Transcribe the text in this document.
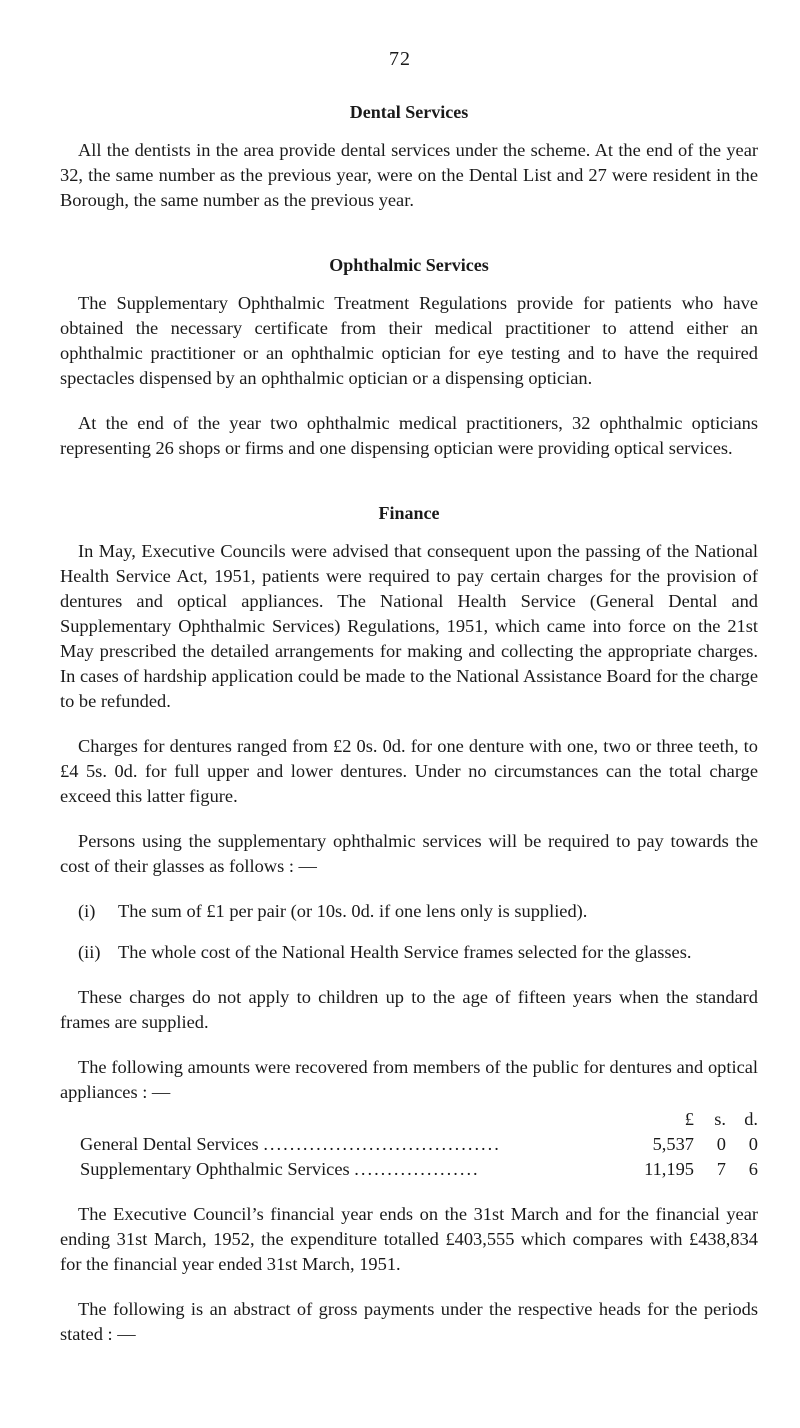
72
Dental Services

All the dentists in the area provide dental services under the scheme. At the end of the year 32, the same number as the previous year, were on the Dental List and 27 were resident in the Borough, the same number as the previous year.

Ophthalmic Services

The Supplementary Ophthalmic Treatment Regulations provide for patients who have obtained the necessary certificate from their medical practitioner to attend either an ophthalmic practitioner or an ophthalmic optician for eye testing and to have the required spectacles dispensed by an ophthalmic optician or a dispensing optician.

At the end of the year two ophthalmic medical practitioners, 32 ophthalmic opticians representing 26 shops or firms and one dispensing optician were providing optical services.

Finance

In May, Executive Councils were advised that consequent upon the passing of the National Health Service Act, 1951, patients were required to pay certain charges for the provision of dentures and optical appliances. The National Health Service (General Dental and Supplementary Ophthalmic Services) Regulations, 1951, which came into force on the 21st May prescribed the detailed arrangements for making and collecting the appropriate charges. In cases of hardship application could be made to the National Assistance Board for the charge to be refunded.

Charges for dentures ranged from £2 0s. 0d. for one denture with one, two or three teeth, to £4 5s. 0d. for full upper and lower dentures. Under no circumstances can the total charge exceed this latter figure.

Persons using the supplementary ophthalmic services will be required to pay towards the cost of their glasses as follows : —

(i)	The sum of £1 per pair (or 10s. 0d. if one lens only is supplied).
(ii) The whole cost of the National Health Service frames selected for the glasses.

These charges do not apply to children up to the age of fifteen years when the standard frames are supplied.

The following amounts were recovered from members of the public for dentures and optical appliances : —

£	s. d.
General Dental Services ....................................	5,537	0	0
Supplementary Ophthalmic Services ...................	11,195	7	6

The Executive Council’s financial year ends on the 31st March and for the financial year ending 31st March, 1952, the expenditure totalled £403,555 which compares with £438,834 for the financial year ended 31st March, 1951.

The following is an abstract of gross payments under the respective heads for the periods stated : —
